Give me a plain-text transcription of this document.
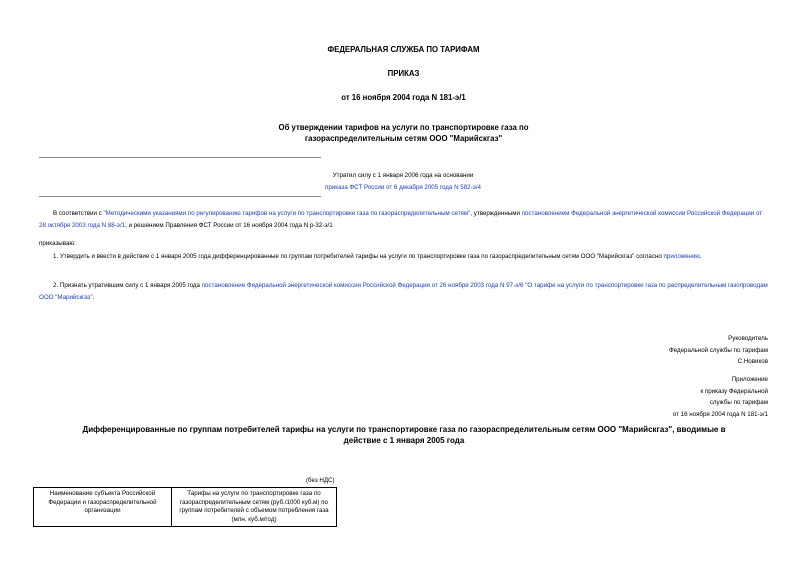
ФЕДЕРАЛЬНАЯ СЛУЖБА ПО ТАРИФАМ
ПРИКАЗ
от 16 ноября 2004 года N 181-э/1
Об утверждении тарифов на услуги по транспортировке газа по
газораспределительным сетям ООО "Марийскгаз"
Утратил силу с 1 января 2006 года на основании
приказа ФСТ России от 6 декабря 2005 года N 582-э/4
В соответствии с "Методическими указаниями по регулированию тарифов на услуги по транспортировке газа по газораспределительным сетям", утвержденными постановлением Федеральной энергетической комиссии Российской Федерации от 28 октября 2003 года N 88-э/1, и решением Правления ФСТ России от 16 ноября 2004 года N р-32-э/1
приказываю:
1. Утвердить и ввести в действие с 1 января 2005 года дифференцированные по группам потребителей тарифы на услуги по транспортировке газа по газораспределительным сетям ООО "Марийскгаз" согласно приложению.
2. Признать утратившим силу с 1 января 2005 года постановление Федеральной энергетической комиссии Российской Федерации от 26 ноября 2003 года N 97-э/6 "О тарифе на услуги по транспортировке газа по распределительным газопроводам ООО "Марийскгаз".
Руководитель
Федеральной службы по тарифам
С.Новиков
Приложение
к приказу Федеральной
службы по тарифам
от 16 ноября 2004 года N 181-э/1
Дифференцированные по группам потребителей тарифы на услуги по транспортировке газа по газораспределительным сетям ООО "Марийскгаз", вводимые в
действие с 1 января 2005 года
(без НДС)
Наименование субъекта Российской Федерации и газораспределительной организации	Тарифы на услуги по транспортировке газа по газораспределительным сетям (руб./1000 куб.м) по группам потребителей с объемом потребления газа (млн. куб.м/год)
